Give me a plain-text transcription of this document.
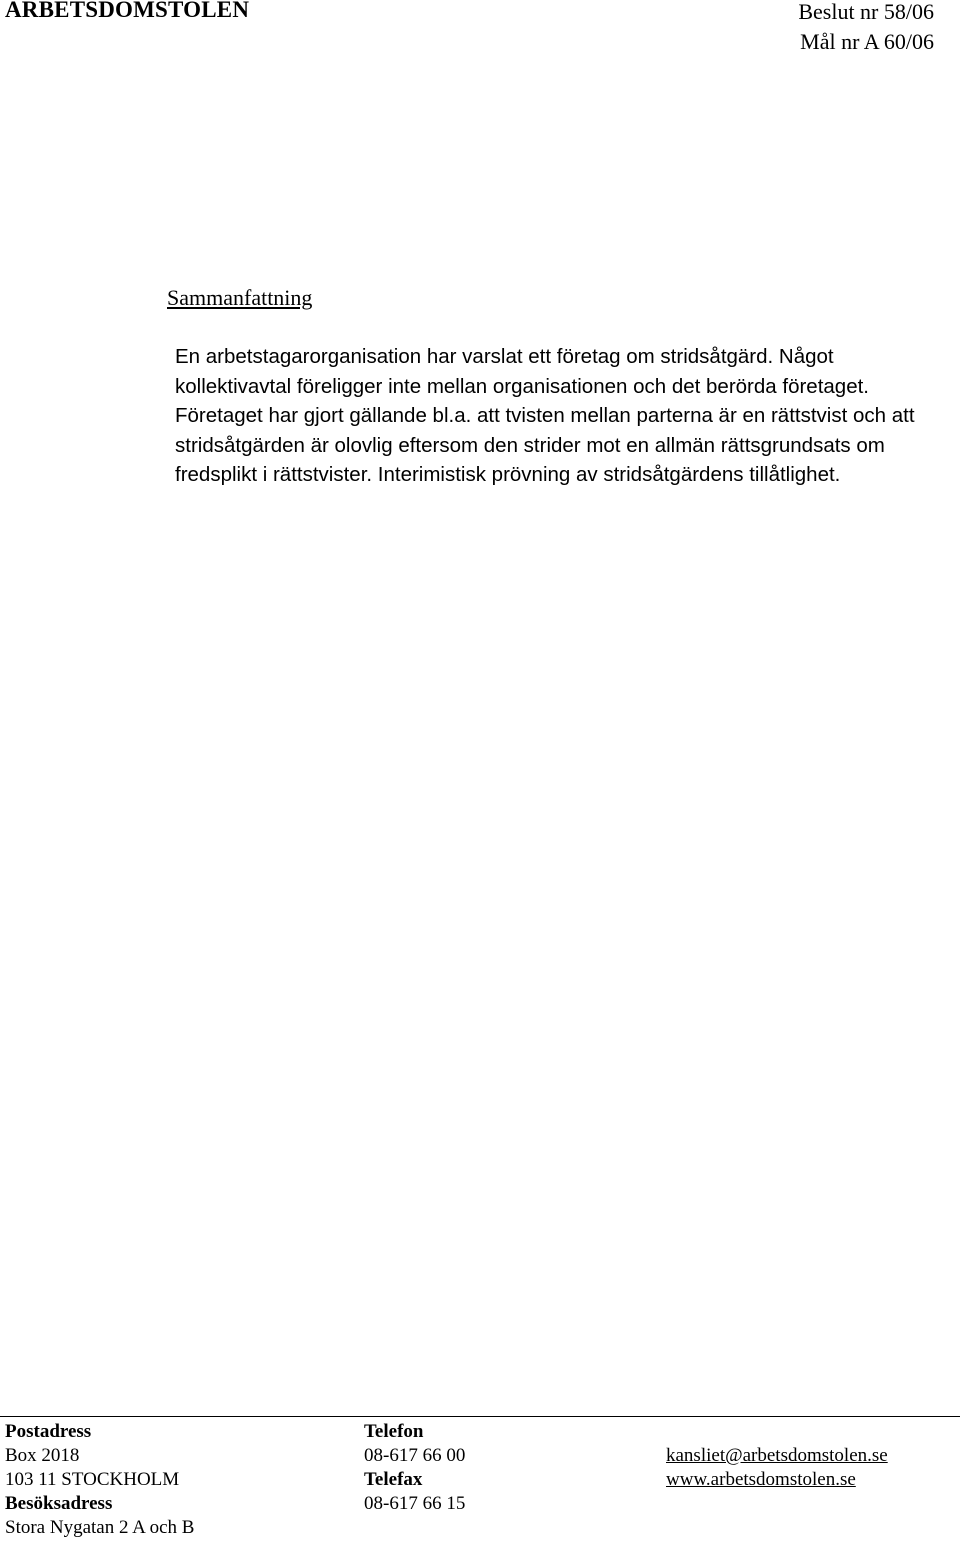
ARBETSDOMSTOLEN	Beslut nr 58/06
Mål nr A 60/06
Sammanfattning

En arbetstagarorganisation har varslat ett företag om stridsåtgärd. Något kollektivavtal föreligger inte mellan organisationen och det berörda företaget. Företaget har gjort gällande bl.a. att tvisten mellan parterna är en rättstvist och att stridsåtgärden är olovlig eftersom den strider mot en allmän rättsgrundsats om fredsplikt i rättstvister. Interimistisk prövning av stridsåtgärdens tillåtlighet.

Postadress
Box 2018
103 11 STOCKHOLM
Besöksadress
Stora Nygatan 2 A och B
Telefon
08-617 66 00
Telefax
08-617 66 15
kansliet@arbetsdomstolen.se
www.arbetsdomstolen.se
